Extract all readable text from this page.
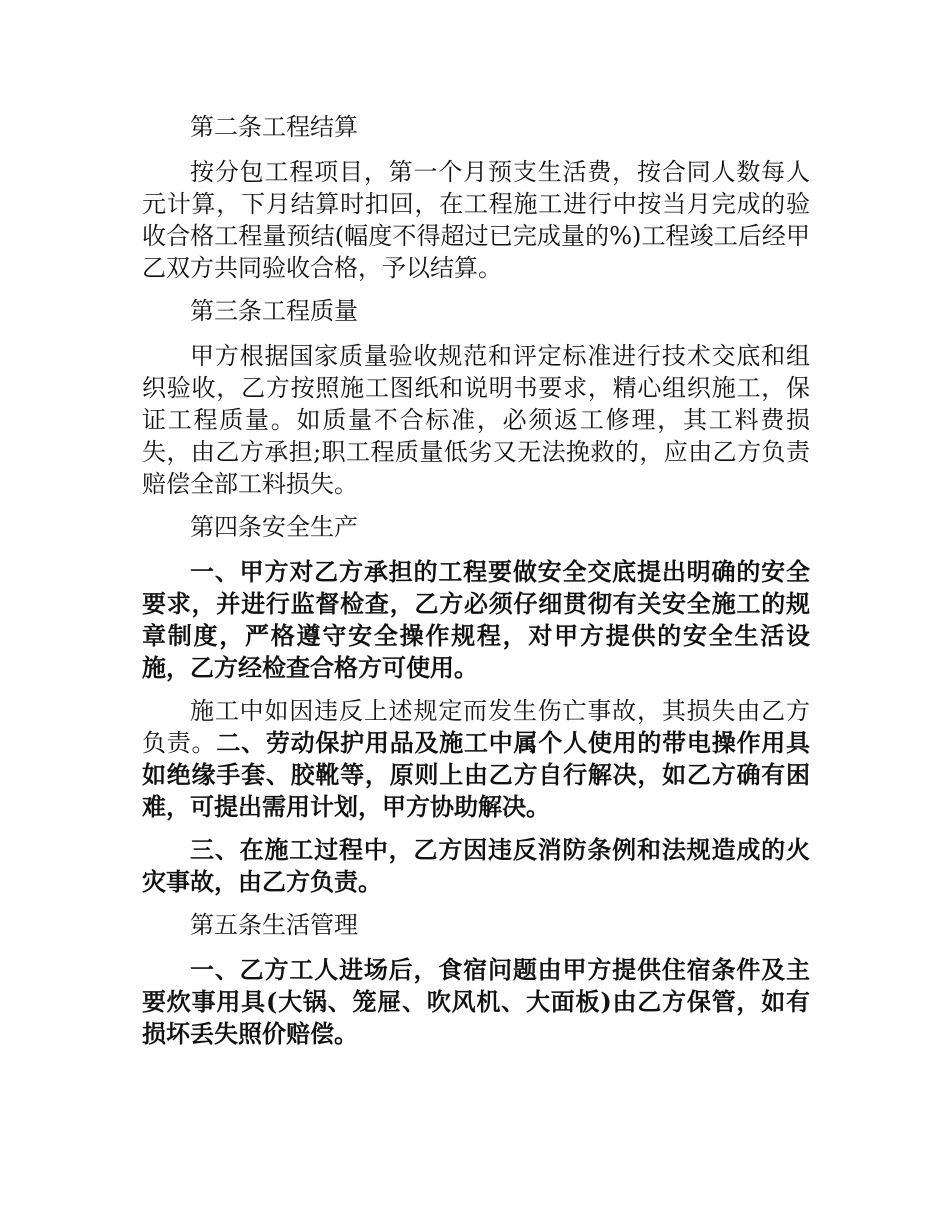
第二条工程结算

按分包工程项目，第一个月预支生活费，按合同人数每人元计算，下月结算时扣回，在工程施工进行中按当月完成的验收合格工程量预结(幅度不得超过已完成量的%)工程竣工后经甲乙双方共同验收合格，予以结算。

第三条工程质量

甲方根据国家质量验收规范和评定标准进行技术交底和组织验收，乙方按照施工图纸和说明书要求，精心组织施工，保证工程质量。如质量不合标准，必须返工修理，其工料费损失，由乙方承担;职工程质量低劣又无法挽救的，应由乙方负责赔偿全部工料损失。

第四条安全生产

一、甲方对乙方承担的工程要做安全交底提出明确的安全要求，并进行监督检查，乙方必须仔细贯彻有关安全施工的规章制度，严格遵守安全操作规程，对甲方提供的安全生活设施，乙方经检查合格方可使用。

施工中如因违反上述规定而发生伤亡事故，其损失由乙方负责。二、劳动保护用品及施工中属个人使用的带电操作用具如绝缘手套、胶靴等，原则上由乙方自行解决，如乙方确有困难，可提出需用计划，甲方协助解决。

三、在施工过程中，乙方因违反消防条例和法规造成的火灾事故，由乙方负责。

第五条生活管理

一、乙方工人进场后，食宿问题由甲方提供住宿条件及主要炊事用具(大锅、笼屉、吹风机、大面板)由乙方保管，如有损坏丢失照价赔偿。
